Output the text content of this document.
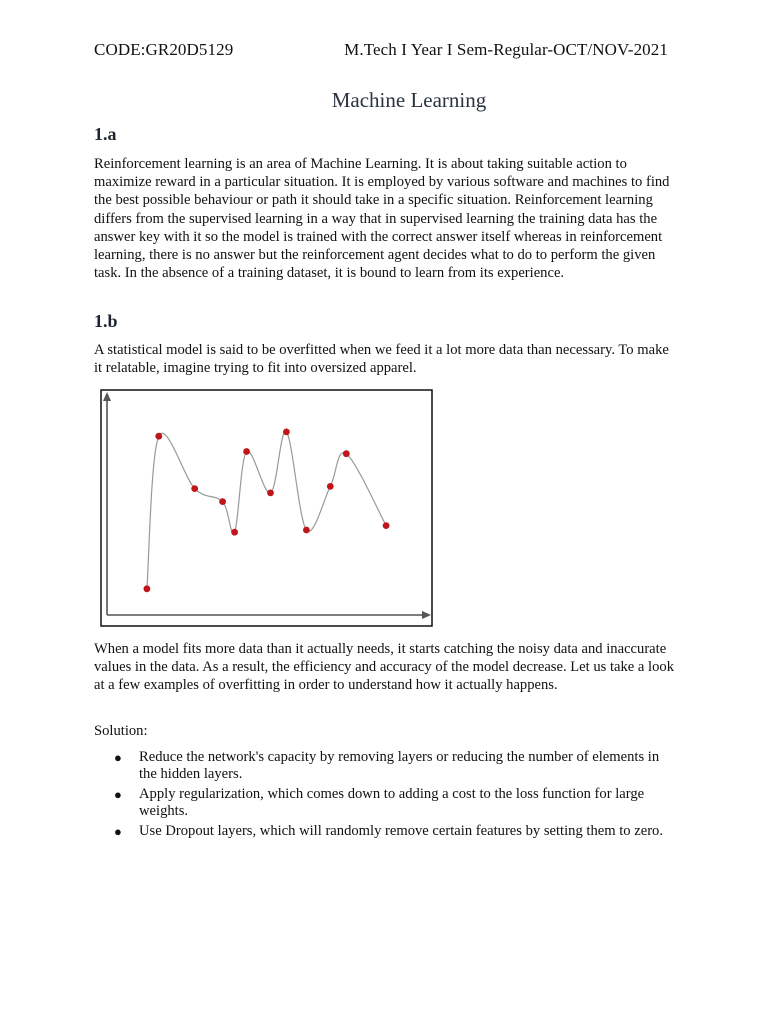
CODE:GR20D5129	M.Tech I Year I Sem-Regular-OCT/NOV-2021
Machine Learning
1.a

Reinforcement learning is an area of Machine Learning. It is about taking suitable action to maximize reward in a particular situation. It is employed by various software and machines to find the best possible behaviour or path it should take in a specific situation. Reinforcement learning differs from the supervised learning in a way that in supervised learning the training data has the answer key with it so the model is trained with the correct answer itself whereas in reinforcement learning, there is no answer but the reinforcement agent decides what to do to perform the given task. In the absence of a training dataset, it is bound to learn from its experience.

1.b

A statistical model is said to be overfitted when we feed it a lot more data than necessary. To make it relatable, imagine trying to fit into oversized apparel.

When a model fits more data than it actually needs, it starts catching the noisy data and inaccurate values in the data. As a result, the efficiency and accuracy of the model decrease. Let us take a look at a few examples of overfitting in order to understand how it actually happens.

Solution:

● Reduce the network's capacity by removing layers or reducing the number of elements in the hidden layers.
● Apply regularization, which comes down to adding a cost to the loss function for large weights.
● Use Dropout layers, which will randomly remove certain features by setting them to zero.
